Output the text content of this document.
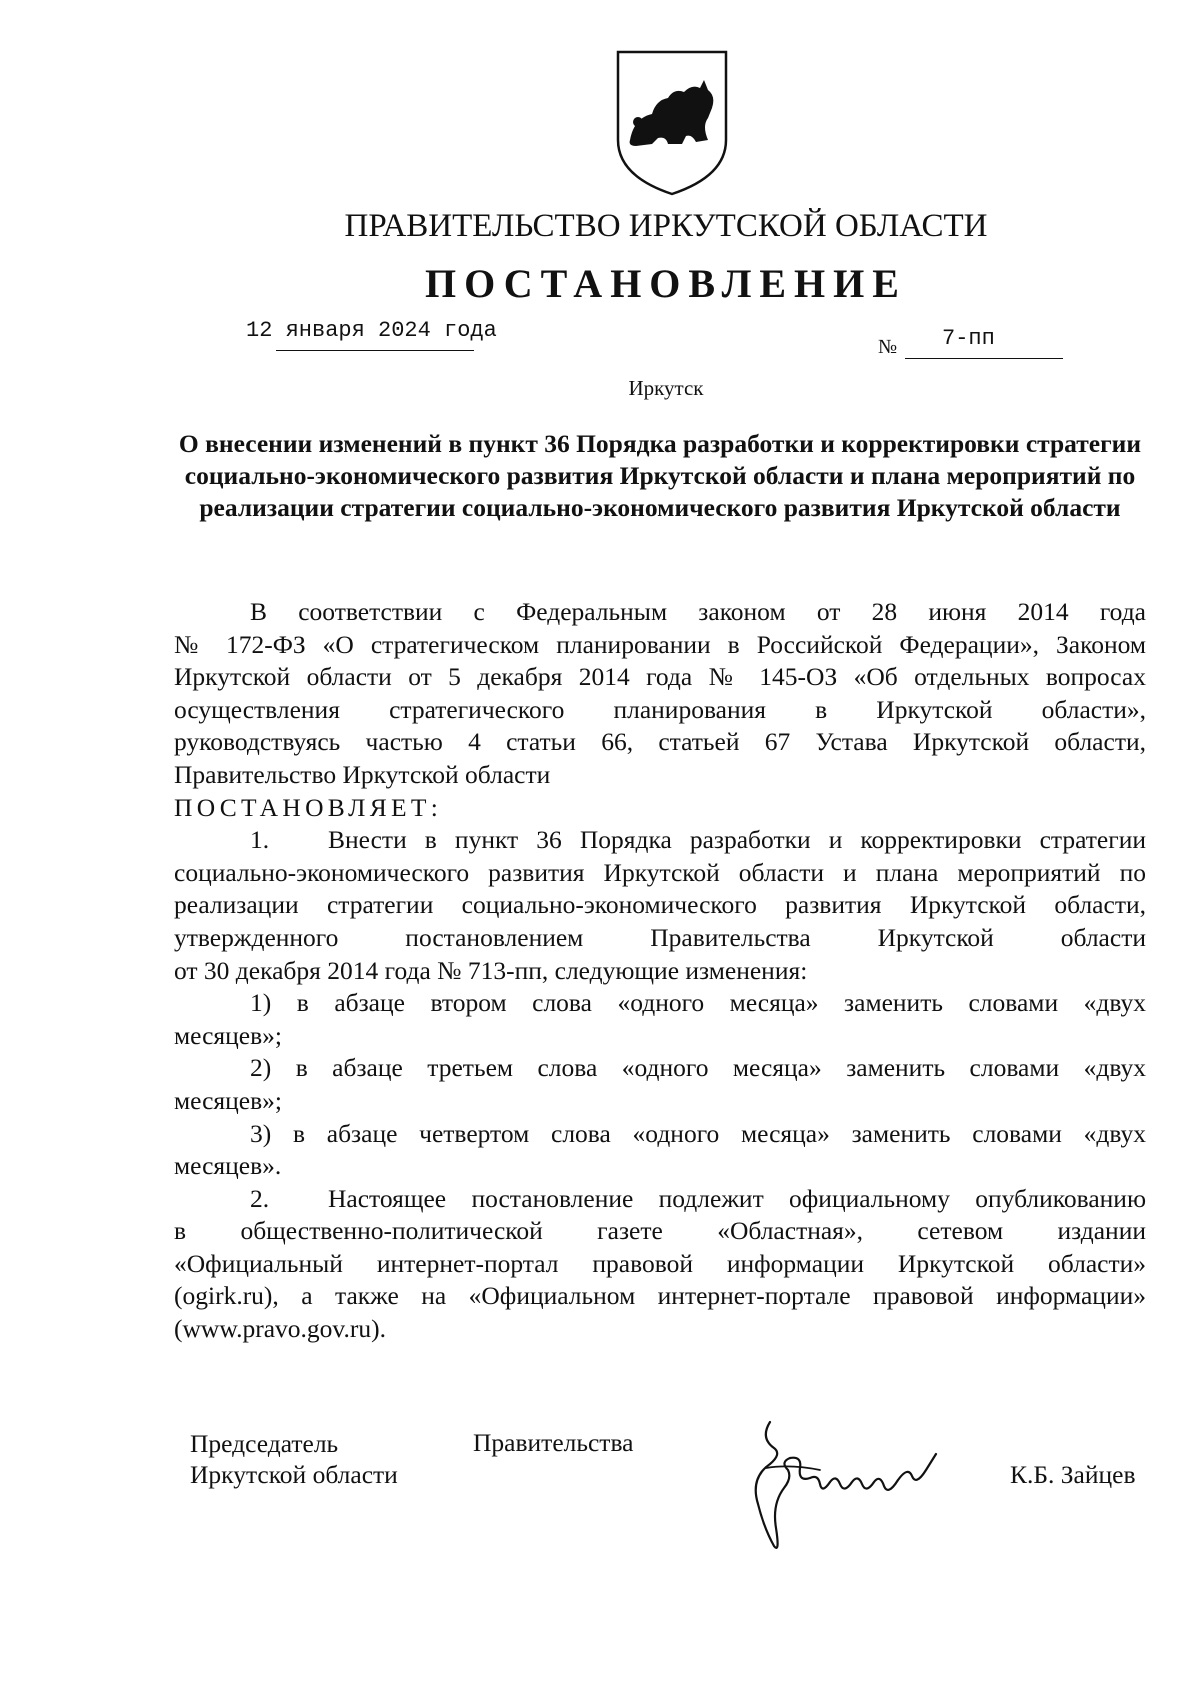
ПРАВИТЕЛЬСТВО ИРКУТСКОЙ ОБЛАСТИ
ПОСТАНОВЛЕНИЕ
12 января 2024 года
№ 7-пп
Иркутск
О внесении изменений в пункт 36 Порядка разработки и корректировки стратегии социально-экономического развития Иркутской области и плана мероприятий по реализации стратегии социально-экономического развития Иркутской области

В соответствии с Федеральным законом от 28 июня 2014 года

№ 172-ФЗ «О стратегическом планировании в Российской Федерации», Законом

Иркутской области от 5 декабря 2014 года № 145-ОЗ «Об отдельных вопросах

осуществления стратегического планирования в Иркутской области»,

руководствуясь частью 4 статьи 66, статьей 67 Устава Иркутской области,

Правительство Иркутской области

ПОСТАНОВЛЯЕТ:

1. Внести в пункт 36 Порядка разработки и корректировки стратегии

социально-экономического развития Иркутской области и плана мероприятий по

реализации стратегии социально-экономического развития Иркутской области,

утвержденного постановлением Правительства Иркутской области

от 30 декабря 2014 года № 713-пп, следующие изменения:

1) в абзаце втором слова «одного месяца» заменить словами «двух

месяцев»;

2) в абзаце третьем слова «одного месяца» заменить словами «двух

месяцев»;

3) в абзаце четвертом слова «одного месяца» заменить словами «двух

месяцев».

2. Настоящее постановление подлежит официальному опубликованию

в общественно-политической газете «Областная», сетевом издании

«Официальный интернет-портал правовой информации Иркутской области»

(ogirk.ru), а также на «Официальном интернет-портале правовой информации»

(www.pravo.gov.ru).

Председатель	Правительства
Иркутской области	К.Б. Зайцев
